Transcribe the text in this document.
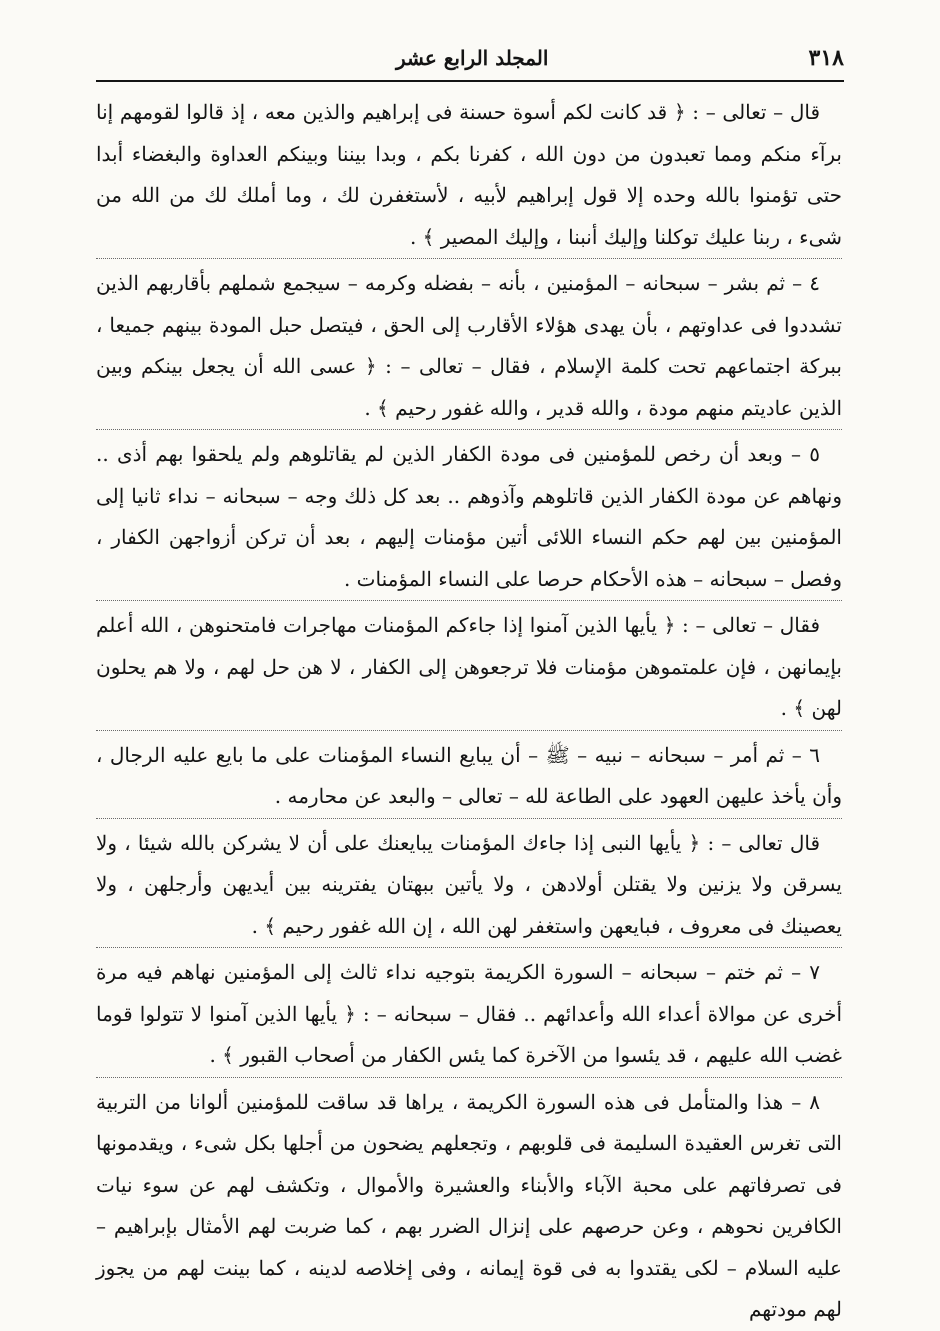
٣١٨
المجلد الرابع عشر

قال – تعالى – : ﴿ قد كانت لكم أسوة حسنة فى إبراهيم والذين معه ، إذ قالوا لقومهم إنا برآء منكم ومما تعبدون من دون الله ، كفرنا بكم ، وبدا بيننا وبينكم العداوة والبغضاء أبدا حتى تؤمنوا بالله وحده إلا قول إبراهيم لأبيه ، لأستغفرن لك ، وما أملك لك من الله من شىء ، ربنا عليك توكلنا وإليك أنبنا ، وإليك المصير ﴾ .

٤ – ثم بشر – سبحانه – المؤمنين ، بأنه – بفضله وكرمه – سيجمع شملهم بأقاربهم الذين تشددوا فى عداوتهم ، بأن يهدى هؤلاء الأقارب إلى الحق ، فيتصل حبل المودة بينهم جميعا ، ببركة اجتماعهم تحت كلمة الإسلام ، فقال – تعالى – : ﴿ عسى الله أن يجعل بينكم وبين الذين عاديتم منهم مودة ، والله قدير ، والله غفور رحيم ﴾ .

٥ – وبعد أن رخص للمؤمنين فى مودة الكفار الذين لم يقاتلوهم ولم يلحقوا بهم أذى .. ونهاهم عن مودة الكفار الذين قاتلوهم وآذوهم .. بعد كل ذلك وجه – سبحانه – نداء ثانيا إلى المؤمنين بين لهم حكم النساء اللائى أتين مؤمنات إليهم ، بعد أن تركن أزواجهن الكفار ، وفصل – سبحانه – هذه الأحكام حرصا على النساء المؤمنات .

فقال – تعالى – : ﴿ يأيها الذين آمنوا إذا جاءكم المؤمنات مهاجرات فامتحنوهن ، الله أعلم بإيمانهن ، فإن علمتموهن مؤمنات فلا ترجعوهن إلى الكفار ، لا هن حل لهم ، ولا هم يحلون لهن ﴾ .

٦ – ثم أمر – سبحانه – نبيه – ﷺ – أن يبايع النساء المؤمنات على ما بايع عليه الرجال ، وأن يأخذ عليهن العهود على الطاعة لله – تعالى – والبعد عن محارمه .

قال تعالى – : ﴿ يأيها النبى إذا جاءك المؤمنات يبايعنك على أن لا يشركن بالله شيئا ، ولا يسرقن ولا يزنين ولا يقتلن أولادهن ، ولا يأتين ببهتان يفترينه بين أيديهن وأرجلهن ، ولا يعصينك فى معروف ، فبايعهن واستغفر لهن الله ، إن الله غفور رحيم ﴾ .

٧ – ثم ختم – سبحانه – السورة الكريمة بتوجيه نداء ثالث إلى المؤمنين نهاهم فيه مرة أخرى عن موالاة أعداء الله وأعدائهم .. فقال – سبحانه – : ﴿ يأيها الذين آمنوا لا تتولوا قوما غضب الله عليهم ، قد يئسوا من الآخرة كما يئس الكفار من أصحاب القبور ﴾ .

٨ – هذا والمتأمل فى هذه السورة الكريمة ، يراها قد ساقت للمؤمنين ألوانا من التربية التى تغرس العقيدة السليمة فى قلوبهم ، وتجعلهم يضحون من أجلها بكل شىء ، ويقدمونها فى تصرفاتهم على محبة الآباء والأبناء والعشيرة والأموال ، وتكشف لهم عن سوء نيات الكافرين نحوهم ، وعن حرصهم على إنزال الضرر بهم ، كما ضربت لهم الأمثال بإبراهيم – عليه السلام – لكى يقتدوا به فى قوة إيمانه ، وفى إخلاصه لدينه ، كما بينت لهم من يجوز لهم مودتهم
